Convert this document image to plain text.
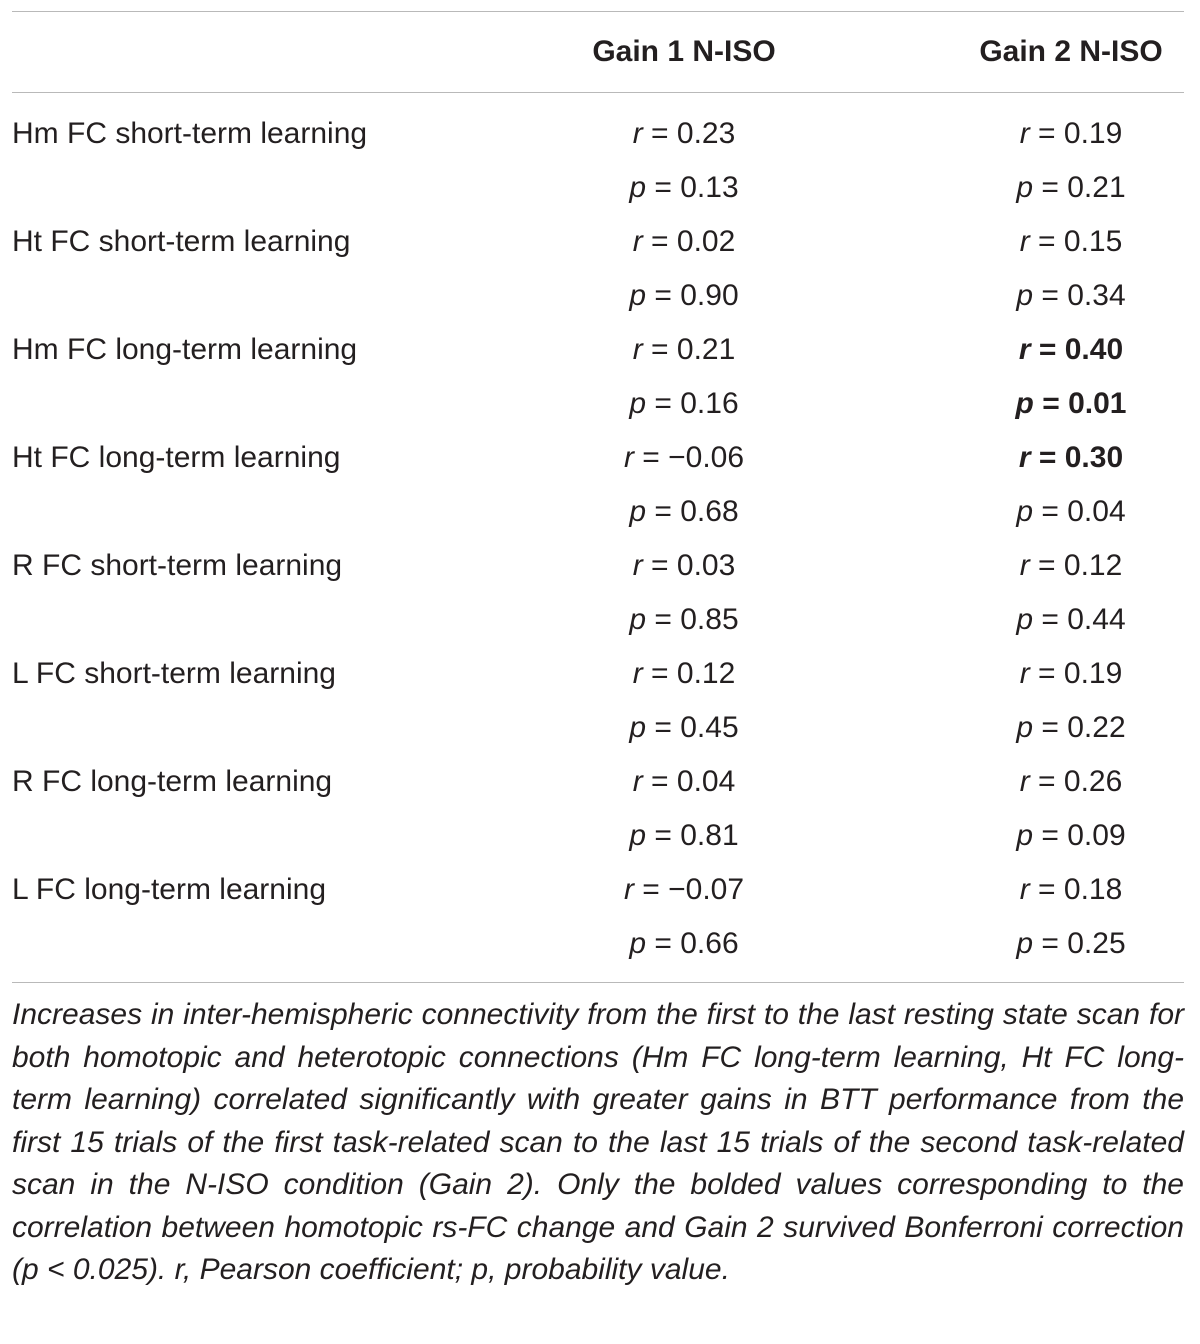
Gain 1 N-ISO	Gain 2 N-ISO
Hm FC short-term learning	r = 0.23	r = 0.19
p = 0.13	p = 0.21
Ht FC short-term learning	r = 0.02	r = 0.15
p = 0.90	p = 0.34
Hm FC long-term learning	r = 0.21	r = 0.40
p = 0.16	p = 0.01
Ht FC long-term learning	r = −0.06	r = 0.30
p = 0.68	p = 0.04
R FC short-term learning	r = 0.03	r = 0.12
p = 0.85	p = 0.44
L FC short-term learning	r = 0.12	r = 0.19
p = 0.45	p = 0.22
R FC long-term learning	r = 0.04	r = 0.26
p = 0.81	p = 0.09
L FC long-term learning	r = −0.07	r = 0.18
p = 0.66	p = 0.25
Increases in inter-hemispheric connectivity from the first to the last resting state scan for both homotopic and heterotopic connections (Hm FC long-term learning, Ht FC long-term learning) correlated significantly with greater gains in BTT performance from the first 15 trials of the first task-related scan to the last 15 trials of the second task-related scan in the N-ISO condition (Gain 2). Only the bolded values corresponding to the correlation between homotopic rs-FC change and Gain 2 survived Bonferroni correction (p < 0.025). r, Pearson coefficient; p, probability value.
